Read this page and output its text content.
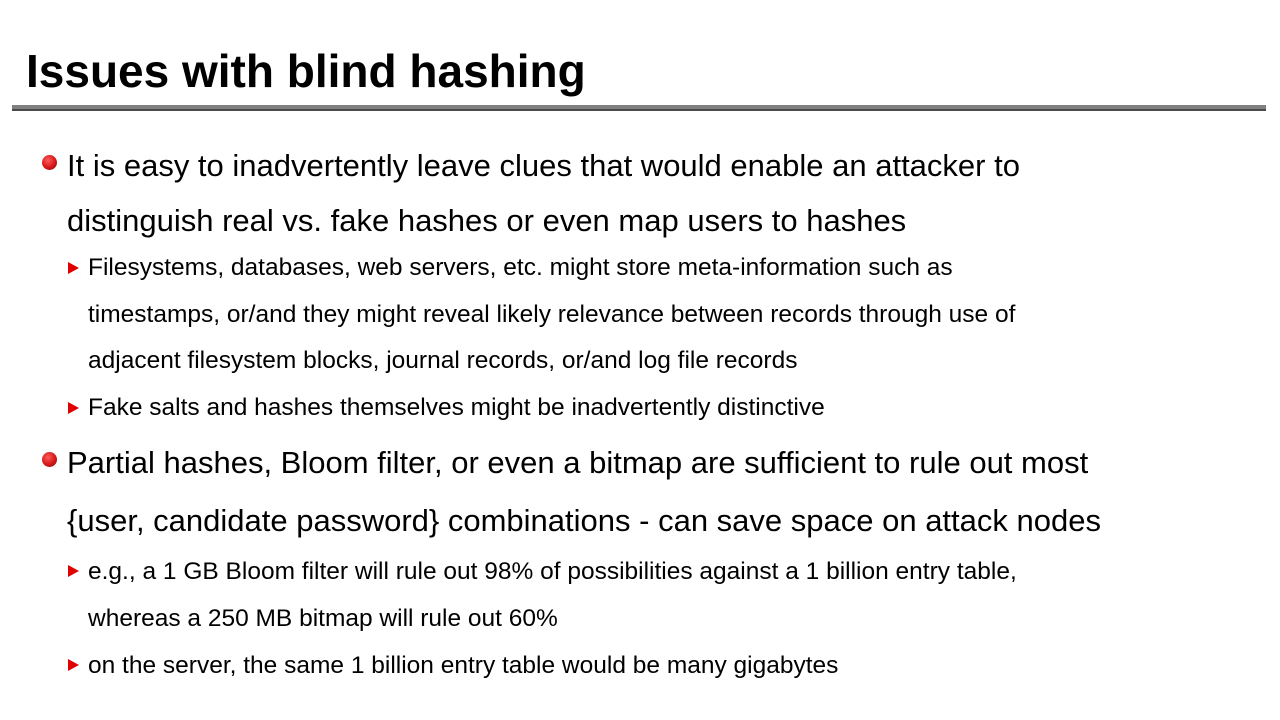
Issues with blind hashing
It is easy to inadvertently leave clues that would enable an attacker to
distinguish real vs. fake hashes or even map users to hashes
Filesystems, databases, web servers, etc. might store meta-information such as
timestamps, or/and they might reveal likely relevance between records through use of
adjacent filesystem blocks, journal records, or/and log file records
Fake salts and hashes themselves might be inadvertently distinctive
Partial hashes, Bloom filter, or even a bitmap are sufficient to rule out most
{user, candidate password} combinations - can save space on attack nodes
e.g., a 1 GB Bloom filter will rule out 98% of possibilities against a 1 billion entry table,
whereas a 250 MB bitmap will rule out 60%
on the server, the same 1 billion entry table would be many gigabytes
